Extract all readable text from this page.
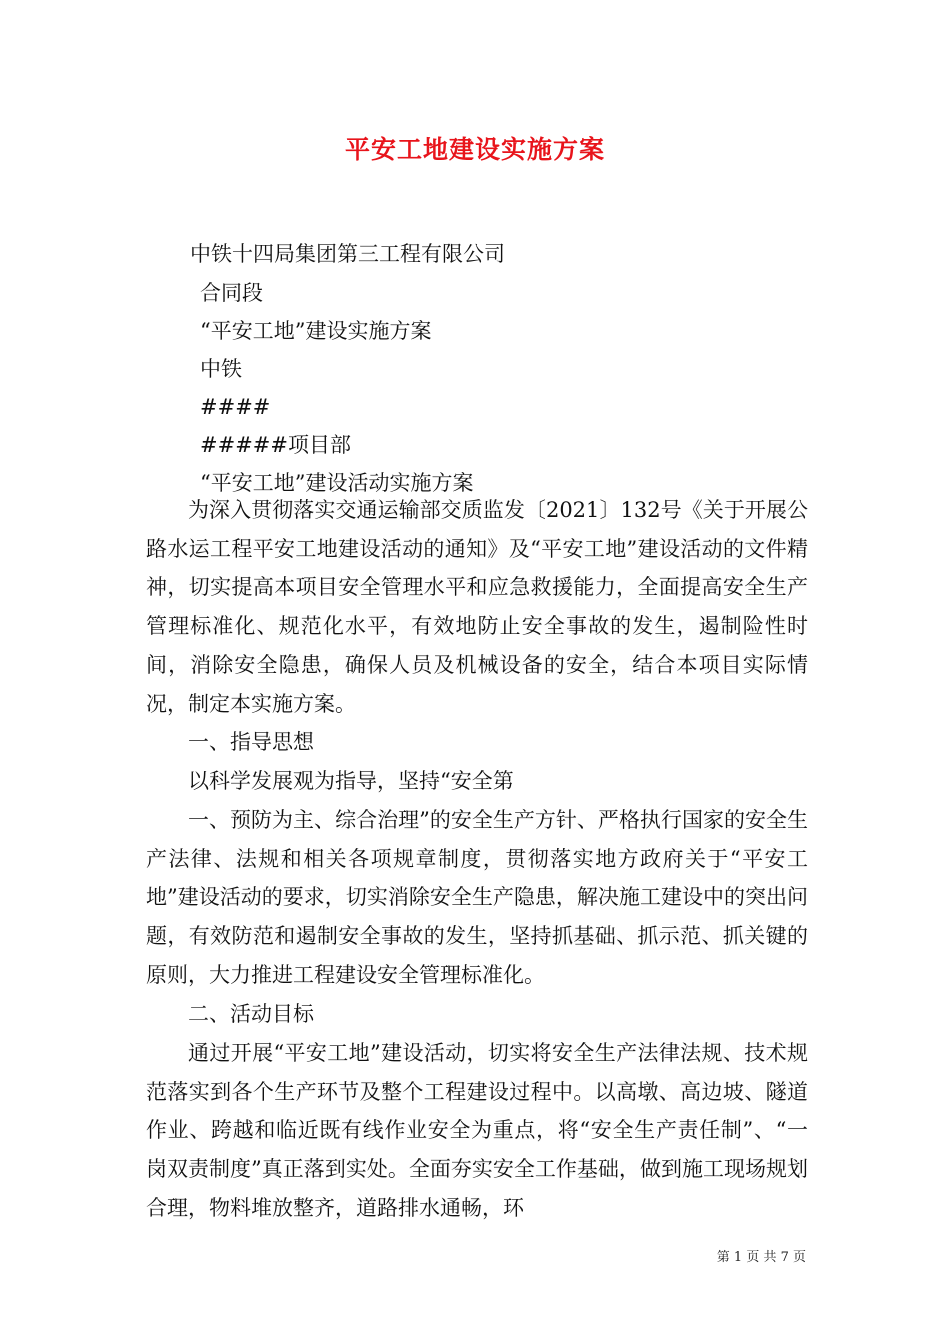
平安工地建设实施方案

中铁十四局集团第三工程有限公司

合同段

“平安工地”建设实施方案

中铁

####

#####项目部

“平安工地”建设活动实施方案

为深入贯彻落实交通运输部交质监发〔2021〕132号《关于开展公路水运工程平安工地建设活动的通知》及“平安工地”建设活动的文件精神，切实提高本项目安全管理水平和应急救援能力，全面提高安全生产管理标准化、规范化水平，有效地防止安全事故的发生，遏制险性时间，消除安全隐患，确保人员及机械设备的安全，结合本项目实际情况，制定本实施方案。

一、指导思想

以科学发展观为指导，坚持“安全第

一、预防为主、综合治理”的安全生产方针、严格执行国家的安全生产法律、法规和相关各项规章制度，贯彻落实地方政府关于“平安工地”建设活动的要求，切实消除安全生产隐患，解决施工建设中的突出问题，有效防范和遏制安全事故的发生，坚持抓基础、抓示范、抓关键的原则，大力推进工程建设安全管理标准化。

二、活动目标

通过开展“平安工地”建设活动，切实将安全生产法律法规、技术规范落实到各个生产环节及整个工程建设过程中。以高墩、高边坡、隧道作业、跨越和临近既有线作业安全为重点，将“安全生产责任制”、“一岗双责制度”真正落到实处。全面夯实安全工作基础，做到施工现场规划合理，物料堆放整齐，道路排水通畅，环

第 1 页 共 7 页
